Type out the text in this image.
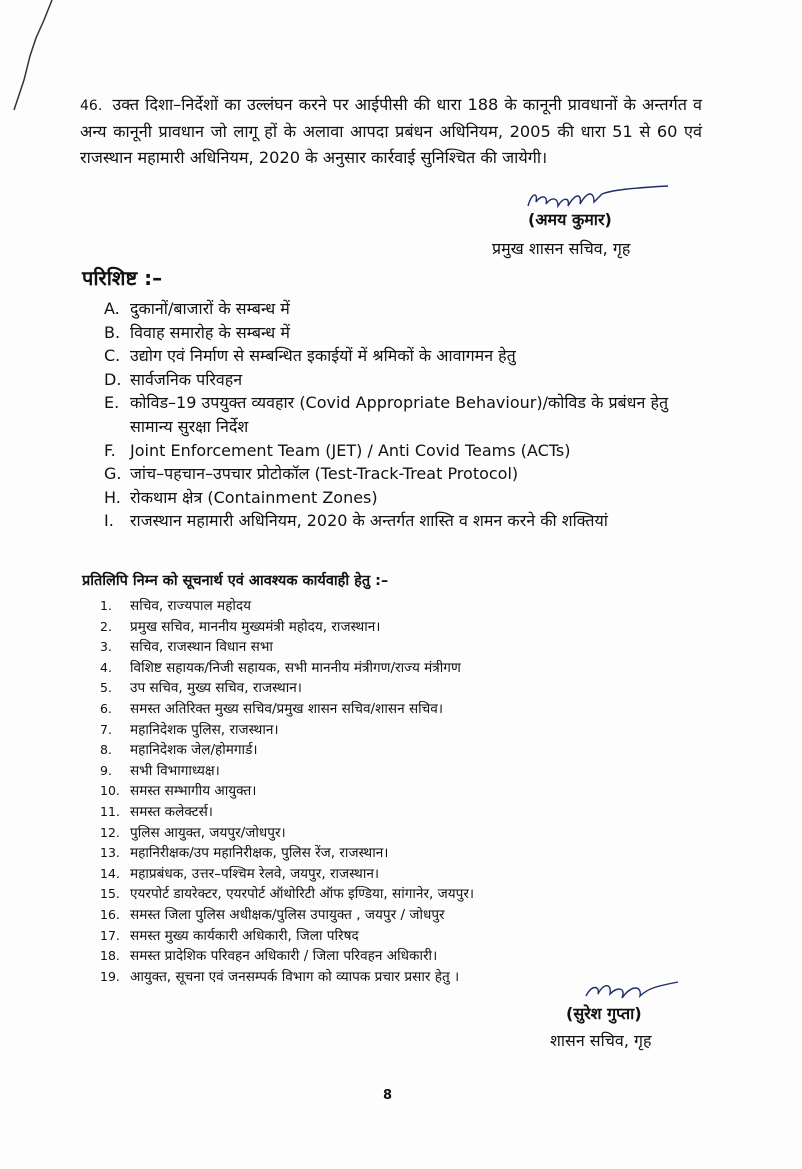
46. उक्त दिशा–निर्देशों का उल्लंघन करने पर आईपीसी की धारा 188 के कानूनी प्रावधानों के अन्तर्गत व अन्य कानूनी प्रावधान जो लागू हों के अलावा आपदा प्रबंधन अधिनियम, 2005 की धारा 51 से 60 एवं राजस्थान महामारी अधिनियम, 2020 के अनुसार कार्रवाई सुनिश्चित की जायेगी।
(अमय कुमार)
प्रमुख शासन सचिव, गृह
परिशिष्ट :–
A. दुकानों/बाजारों के सम्बन्ध में
B. विवाह समारोह के सम्बन्ध में
C. उद्योग एवं निर्माण से सम्बन्धित इकाईयों में श्रमिकों के आवागमन हेतु
D. सार्वजनिक परिवहन
E. कोविड–19 उपयुक्त व्यवहार (Covid Appropriate Behaviour)/कोविड के प्रबंधन हेतु सामान्य सुरक्षा निर्देश
F. Joint Enforcement Team (JET) / Anti Covid Teams (ACTs)
G. जांच–पहचान–उपचार प्रोटोकॉल (Test-Track-Treat Protocol)
H. रोकथाम क्षेत्र (Containment Zones)
I.	राजस्थान महामारी अधिनियम, 2020 के अन्तर्गत शास्ति व शमन करने की शक्तियां
प्रतिलिपि निम्न को सूचनार्थ एवं आवश्यक कार्यवाही हेतु :–
1.	सचिव, राज्यपाल महोदय
2.	प्रमुख सचिव, माननीय मुख्यमंत्री महोदय, राजस्थान।
3.	सचिव, राजस्थान विधान सभा
4.	विशिष्ट सहायक/निजी सहायक, सभी माननीय मंत्रीगण/राज्य मंत्रीगण
5.	उप सचिव, मुख्य सचिव, राजस्थान।
6.	समस्त अतिरिक्त मुख्य सचिव/प्रमुख शासन सचिव/शासन सचिव।
7.	महानिदेशक पुलिस, राजस्थान।
8.	महानिदेशक जेल/होमगार्ड।
9.	सभी विभागाध्यक्ष।
10. समस्त सम्भागीय आयुक्त।
11. समस्त कलेक्टर्स।
12. पुलिस आयुक्त, जयपुर/जोधपुर।
13. महानिरीक्षक/उप महानिरीक्षक, पुलिस रेंज, राजस्थान।
14. महाप्रबंधक, उत्तर–पश्चिम रेलवे, जयपुर, राजस्थान।
15. एयरपोर्ट डायरेक्टर, एयरपोर्ट ऑथोरिटी ऑफ इण्डिया, सांगानेर, जयपुर।
16. समस्त जिला पुलिस अधीक्षक/पुलिस उपायुक्त , जयपुर / जोधपुर
17. समस्त मुख्य कार्यकारी अधिकारी, जिला परिषद
18. समस्त प्रादेशिक परिवहन अधिकारी / जिला परिवहन अधिकारी।
19. आयुक्त, सूचना एवं जनसम्पर्क विभाग को व्यापक प्रचार प्रसार हेतु ।
(सुरेश गुप्ता)
शासन सचिव, गृह
8
